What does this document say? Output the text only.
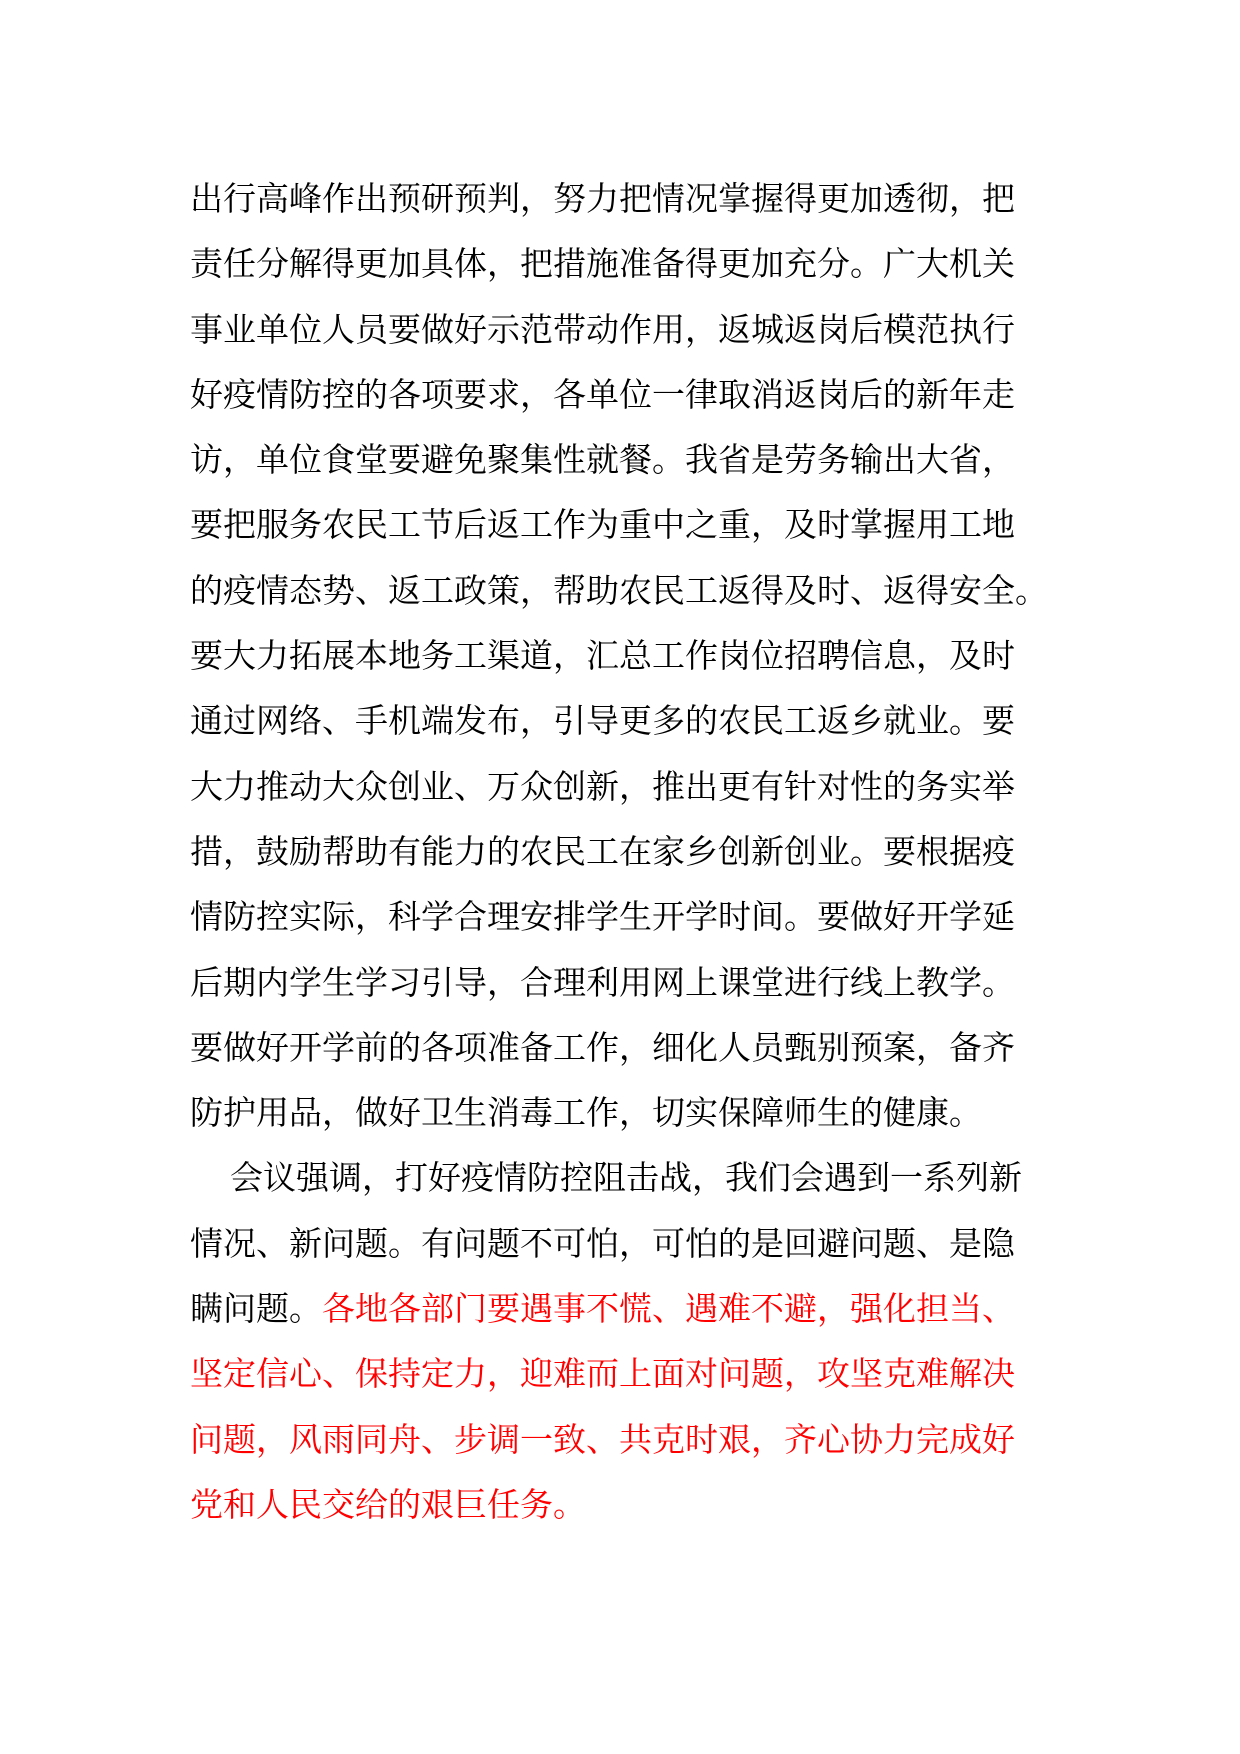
出行高峰作出预研预判，努力把情况掌握得更加透彻，把
责任分解得更加具体，把措施准备得更加充分。广大机关
事业单位人员要做好示范带动作用，返城返岗后模范执行
好疫情防控的各项要求，各单位一律取消返岗后的新年走
访，单位食堂要避免聚集性就餐。我省是劳务输出大省，
要把服务农民工节后返工作为重中之重，及时掌握用工地
的疫情态势、返工政策，帮助农民工返得及时、返得安全。
要大力拓展本地务工渠道，汇总工作岗位招聘信息，及时
通过网络、手机端发布，引导更多的农民工返乡就业。要
大力推动大众创业、万众创新，推出更有针对性的务实举
措，鼓励帮助有能力的农民工在家乡创新创业。要根据疫
情防控实际，科学合理安排学生开学时间。要做好开学延
后期内学生学习引导，合理利用网上课堂进行线上教学。
要做好开学前的各项准备工作，细化人员甄别预案，备齐
防护用品，做好卫生消毒工作，切实保障师生的健康。
会议强调，打好疫情防控阻击战，我们会遇到一系列新
情况、新问题。有问题不可怕，可怕的是回避问题、是隐
瞒问题。各地各部门要遇事不慌、遇难不避，强化担当、
坚定信心、保持定力，迎难而上面对问题，攻坚克难解决
问题，风雨同舟、步调一致、共克时艰，齐心协力完成好
党和人民交给的艰巨任务。
